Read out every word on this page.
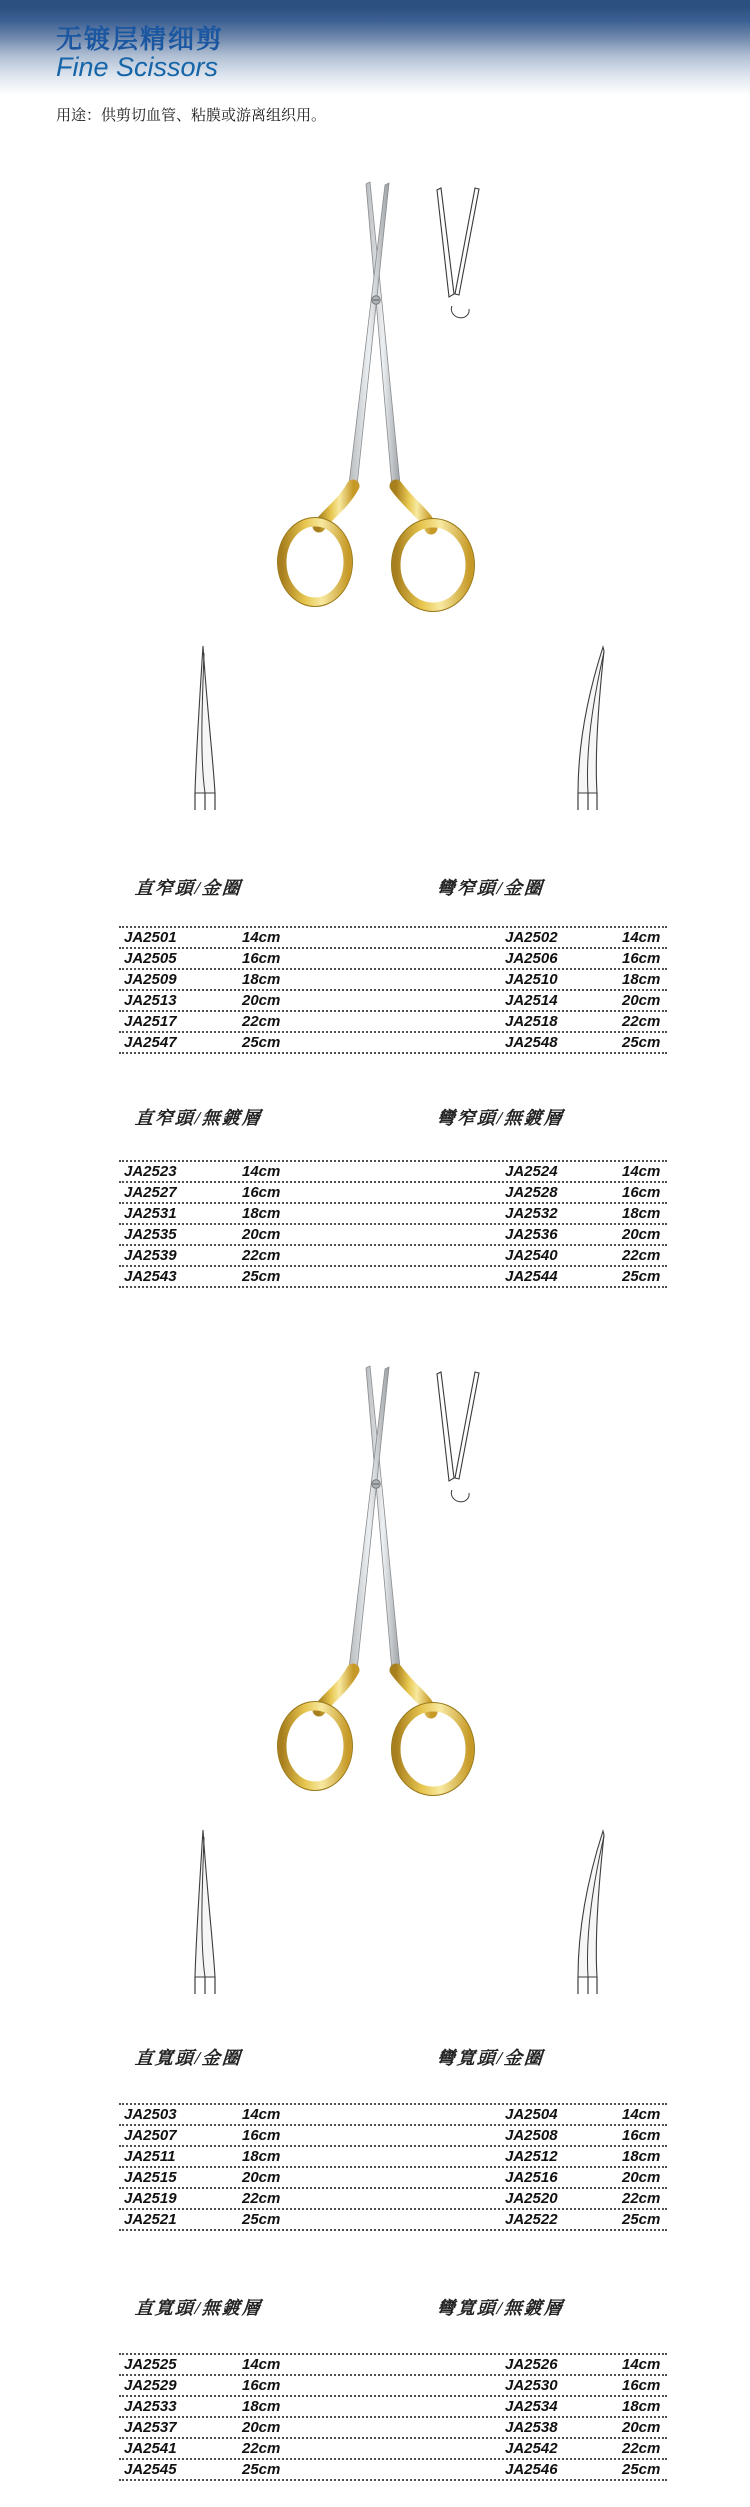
无镀层精细剪
Fine Scissors

用途：供剪切血管、粘膜或游离组织用。

直窄頭/金圈	彎窄頭/金圈
JA2501	14cm	JA2502	14cm
JA2505	16cm	JA2506	16cm
JA2509	18cm	JA2510	18cm
JA2513	20cm	JA2514	20cm
JA2517	22cm	JA2518	22cm
JA2547	25cm	JA2548	25cm
直窄頭/無鍍層	彎窄頭/無鍍層
JA2523	14cm	JA2524	14cm
JA2527	16cm	JA2528	16cm
JA2531	18cm	JA2532	18cm
JA2535	20cm	JA2536	20cm
JA2539	22cm	JA2540	22cm
JA2543	25cm	JA2544	25cm
直寬頭/金圈	彎寬頭/金圈
JA2503	14cm	JA2504	14cm
JA2507	16cm	JA2508	16cm
JA2511	18cm	JA2512	18cm
JA2515	20cm	JA2516	20cm
JA2519	22cm	JA2520	22cm
JA2521	25cm	JA2522	25cm
直寬頭/無鍍層	彎寬頭/無鍍層
JA2525	14cm	JA2526	14cm
JA2529	16cm	JA2530	16cm
JA2533	18cm	JA2534	18cm
JA2537	20cm	JA2538	20cm
JA2541	22cm	JA2542	22cm
JA2545	25cm	JA2546	25cm
